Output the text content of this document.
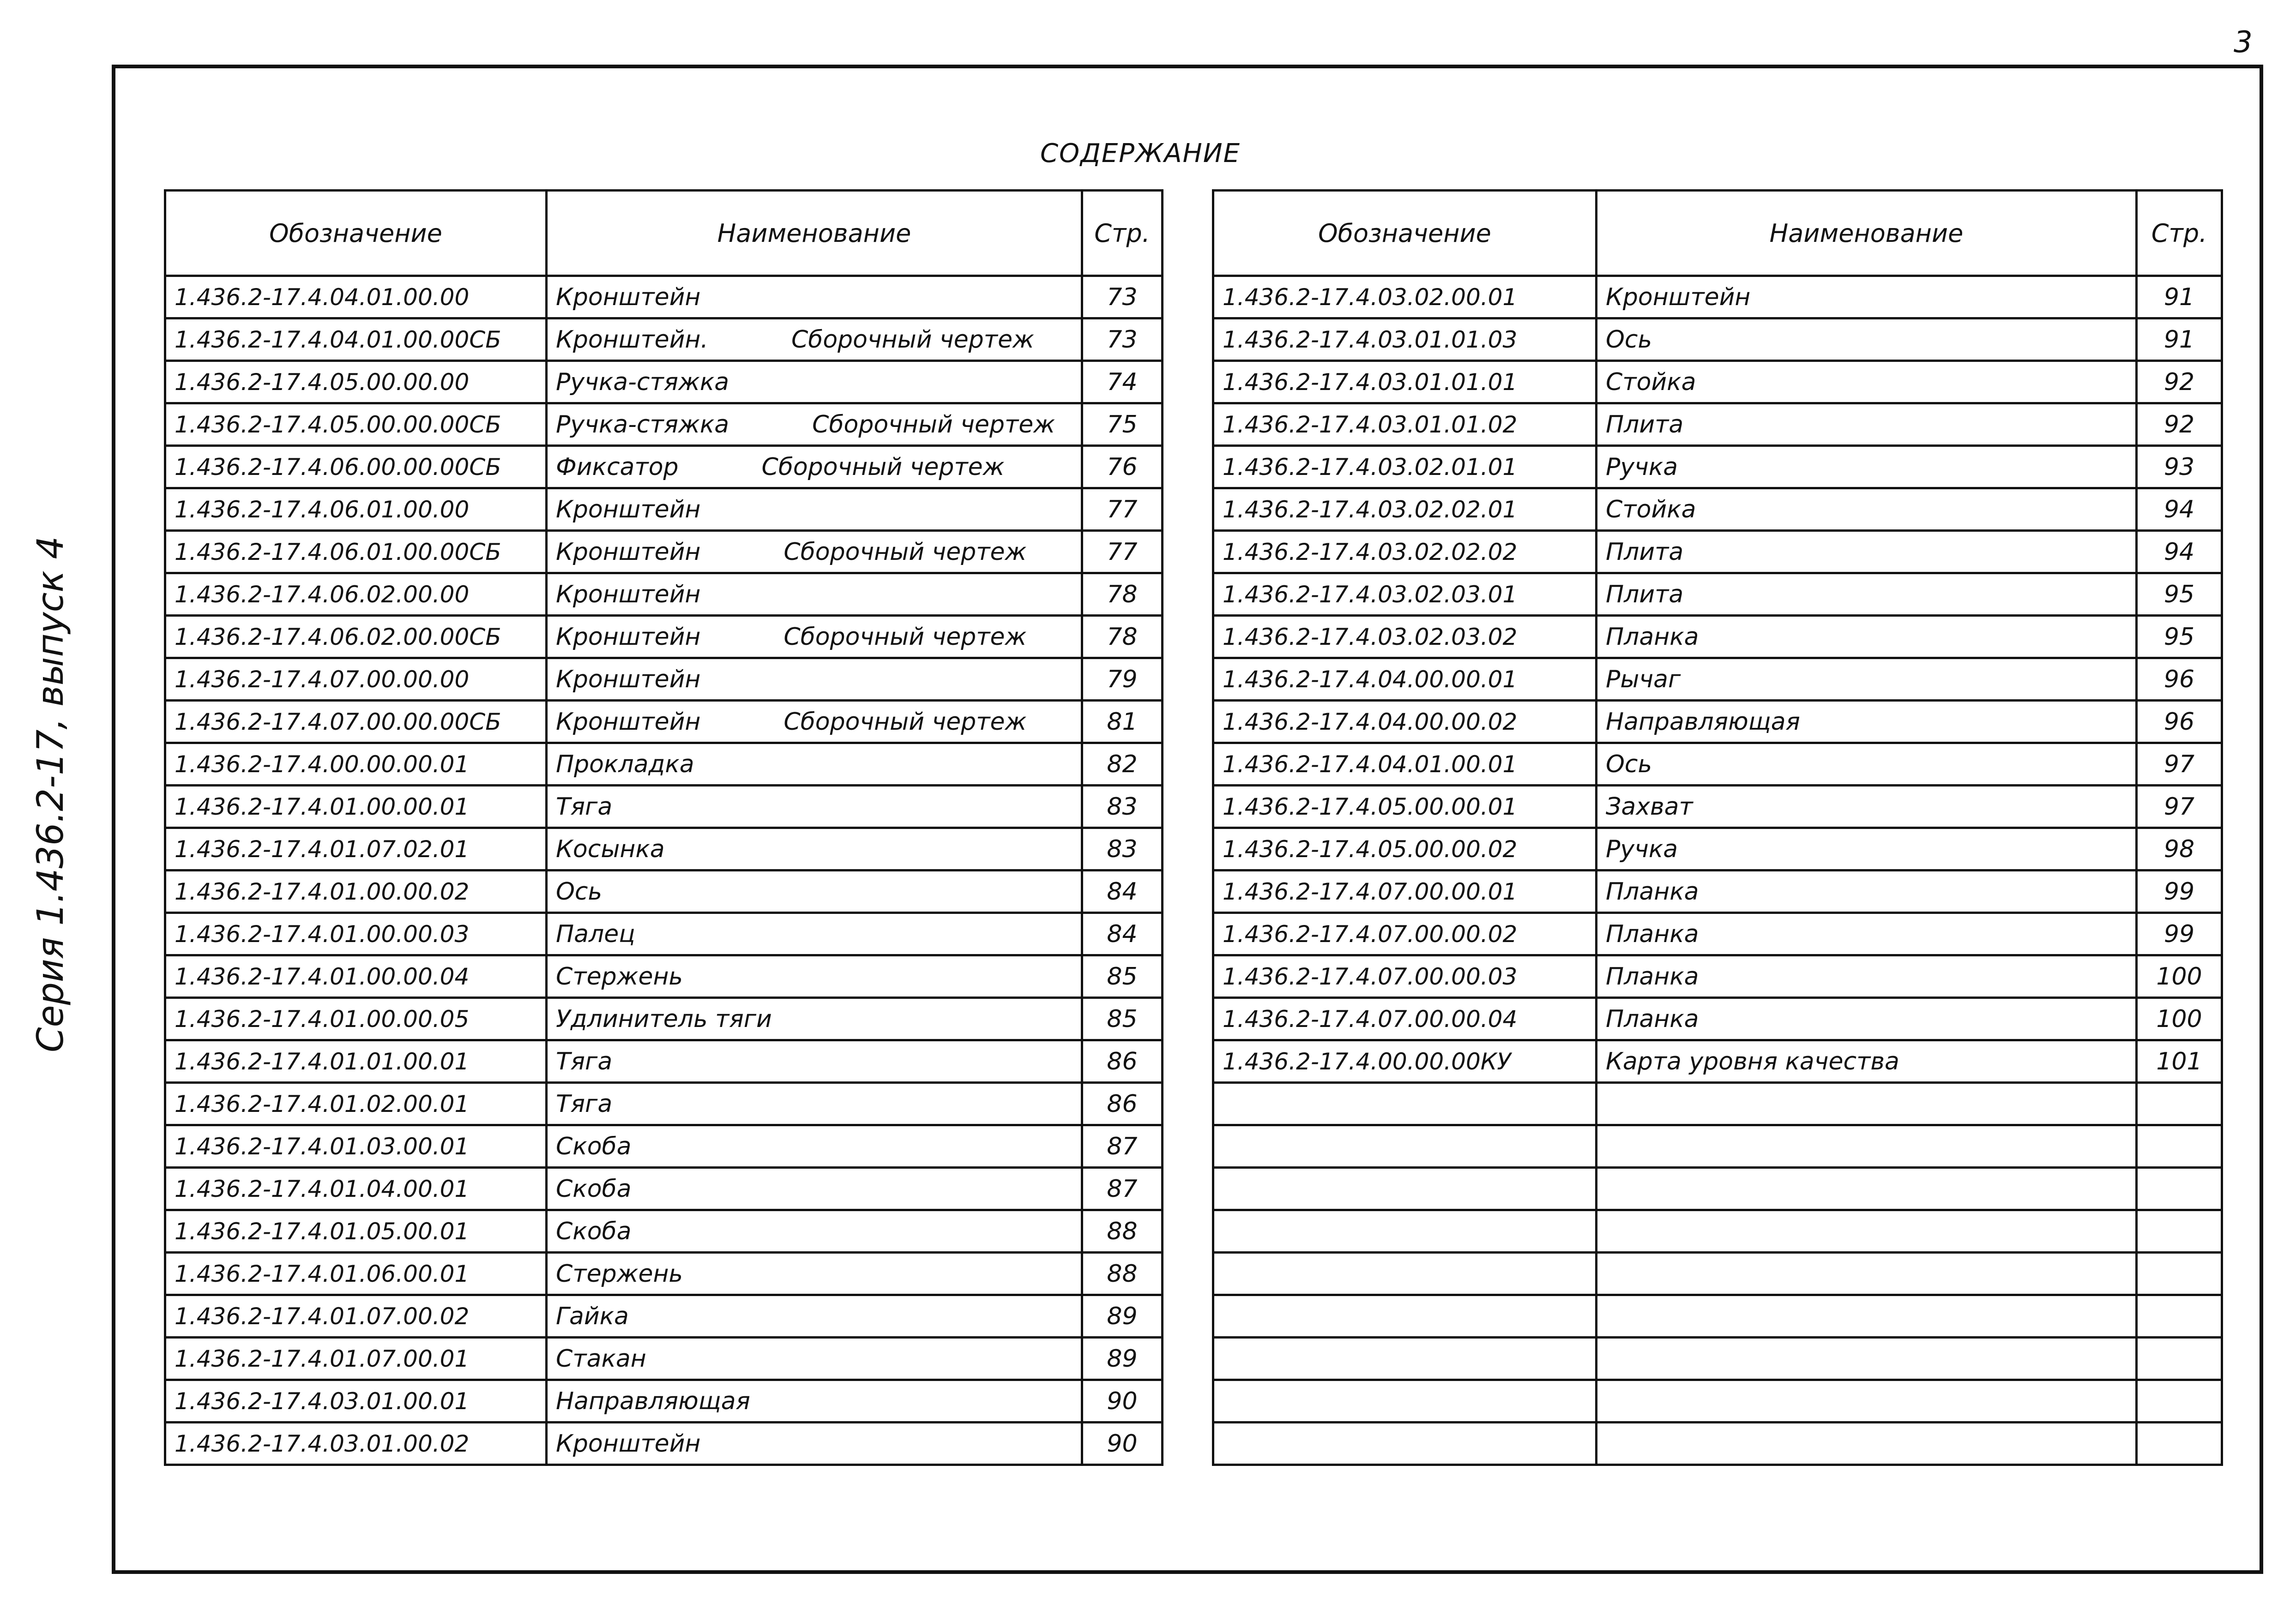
3
Серия 1.436.2-17, выпуск 4
СОДЕРЖАНИЕ
Обозначение	Наименование	Стр.
1.436.2-17.4.04.01.00.00	Кронштейн	73
1.436.2-17.4.04.01.00.00СБ	Кронштейн. Сборочный чертеж	73
1.436.2-17.4.05.00.00.00	Ручка-стяжка	74
1.436.2-17.4.05.00.00.00СБ	Ручка-стяжка Сборочный чертеж	75
1.436.2-17.4.06.00.00.00СБ	Фиксатор Сборочный чертеж	76
1.436.2-17.4.06.01.00.00	Кронштейн	77
1.436.2-17.4.06.01.00.00СБ	Кронштейн Сборочный чертеж	77
1.436.2-17.4.06.02.00.00	Кронштейн	78
1.436.2-17.4.06.02.00.00СБ	Кронштейн Сборочный чертеж	78
1.436.2-17.4.07.00.00.00	Кронштейн	79
1.436.2-17.4.07.00.00.00СБ	Кронштейн Сборочный чертеж	81
1.436.2-17.4.00.00.00.01	Прокладка	82
1.436.2-17.4.01.00.00.01	Тяга	83
1.436.2-17.4.01.07.02.01	Косынка	83
1.436.2-17.4.01.00.00.02	Ось	84
1.436.2-17.4.01.00.00.03	Палец	84
1.436.2-17.4.01.00.00.04	Стержень	85
1.436.2-17.4.01.00.00.05	Удлинитель тяги	85
1.436.2-17.4.01.01.00.01	Тяга	86
1.436.2-17.4.01.02.00.01	Тяга	86
1.436.2-17.4.01.03.00.01	Скоба	87
1.436.2-17.4.01.04.00.01	Скоба	87
1.436.2-17.4.01.05.00.01	Скоба	88
1.436.2-17.4.01.06.00.01	Стержень	88
1.436.2-17.4.01.07.00.02	Гайка	89
1.436.2-17.4.01.07.00.01	Стакан	89
1.436.2-17.4.03.01.00.01	Направляющая	90
1.436.2-17.4.03.01.00.02	Кронштейн	90
Обозначение	Наименование	Стр.
1.436.2-17.4.03.02.00.01	Кронштейн	91
1.436.2-17.4.03.01.01.03	Ось	91
1.436.2-17.4.03.01.01.01	Стойка	92
1.436.2-17.4.03.01.01.02	Плита	92
1.436.2-17.4.03.02.01.01	Ручка	93
1.436.2-17.4.03.02.02.01	Стойка	94
1.436.2-17.4.03.02.02.02	Плита	94
1.436.2-17.4.03.02.03.01	Плита	95
1.436.2-17.4.03.02.03.02	Планка	95
1.436.2-17.4.04.00.00.01	Рычаг	96
1.436.2-17.4.04.00.00.02	Направляющая	96
1.436.2-17.4.04.01.00.01	Ось	97
1.436.2-17.4.05.00.00.01	Захват	97
1.436.2-17.4.05.00.00.02	Ручка	98
1.436.2-17.4.07.00.00.01	Планка	99
1.436.2-17.4.07.00.00.02	Планка	99
1.436.2-17.4.07.00.00.03	Планка	100
1.436.2-17.4.07.00.00.04	Планка	100
1.436.2-17.4.00.00.00КУ	Карта уровня качества	101
